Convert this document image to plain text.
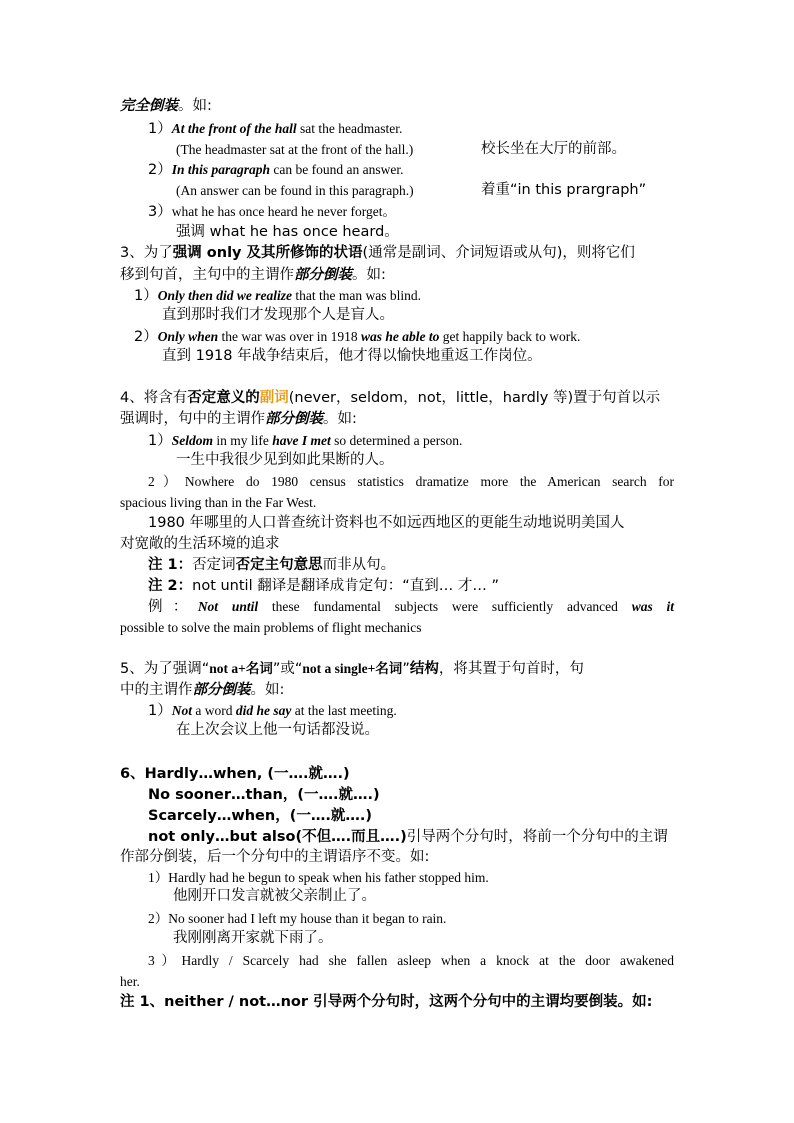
完全倒装。如:
1）At the front of the hall sat the headmaster.
(The headmaster sat at the front of the hall.)	校长坐在大厅的前部。
2）In this paragraph can be found an answer.
(An answer can be found in this paragraph.)	着重“in this prargraph”
3）what he has once heard he never forget。
强调 what he has once heard。
3、为了强调 only 及其所修饰的状语(通常是副词、介词短语或从句)，则将它们
移到句首，主句中的主谓作部分倒装。如:
1）Only then did we realize that the man was blind.
直到那时我们才发现那个人是盲人。
2）Only when the war was over in 1918 was he able to get happily back to work.
直到 1918 年战争结束后，他才得以愉快地重返工作岗位。
4、将含有否定意义的副词(never，seldom，not，little，hardly 等)置于句首以示
强调时，句中的主谓作部分倒装。如:
1）Seldom in my life have I met so determined a person.
一生中我很少见到如此果断的人。
2）Nowhere do 1980 census statistics dramatize more the American search for
spacious living than in the Far West.
1980 年哪里的人口普查统计资料也不如远西地区的更能生动地说明美国人
对宽敞的生活环境的追求
注 1：否定词否定主句意思而非从句。
注 2：not until 翻译是翻译成肯定句：“直到… 才… ”
例：Not until these fundamental subjects were sufficiently advanced was it
possible to solve the main problems of flight mechanics
5、为了强调“not a+名词”或“not a single+名词”结构，将其置于句首时，句
中的主谓作部分倒装。如:
1）Not a word did he say at the last meeting.
在上次会议上他一句话都没说。
6、Hardly…when, (一….就….)
No sooner…than，(一….就….)
Scarcely…when，(一….就….)
not only…but also(不但….而且….)引导两个分句时，将前一个分句中的主谓
作部分倒装，后一个分句中的主谓语序不变。如:
1）Hardly had he begun to speak when his father stopped him.
他刚开口发言就被父亲制止了。
2）No sooner had I left my house than it began to rain.
我刚刚离开家就下雨了。
3）Hardly / Scarcely had she fallen asleep when a knock at the door awakened
her.
注 1、neither / not…nor 引导两个分句时，这两个分句中的主谓均要倒装。如:
